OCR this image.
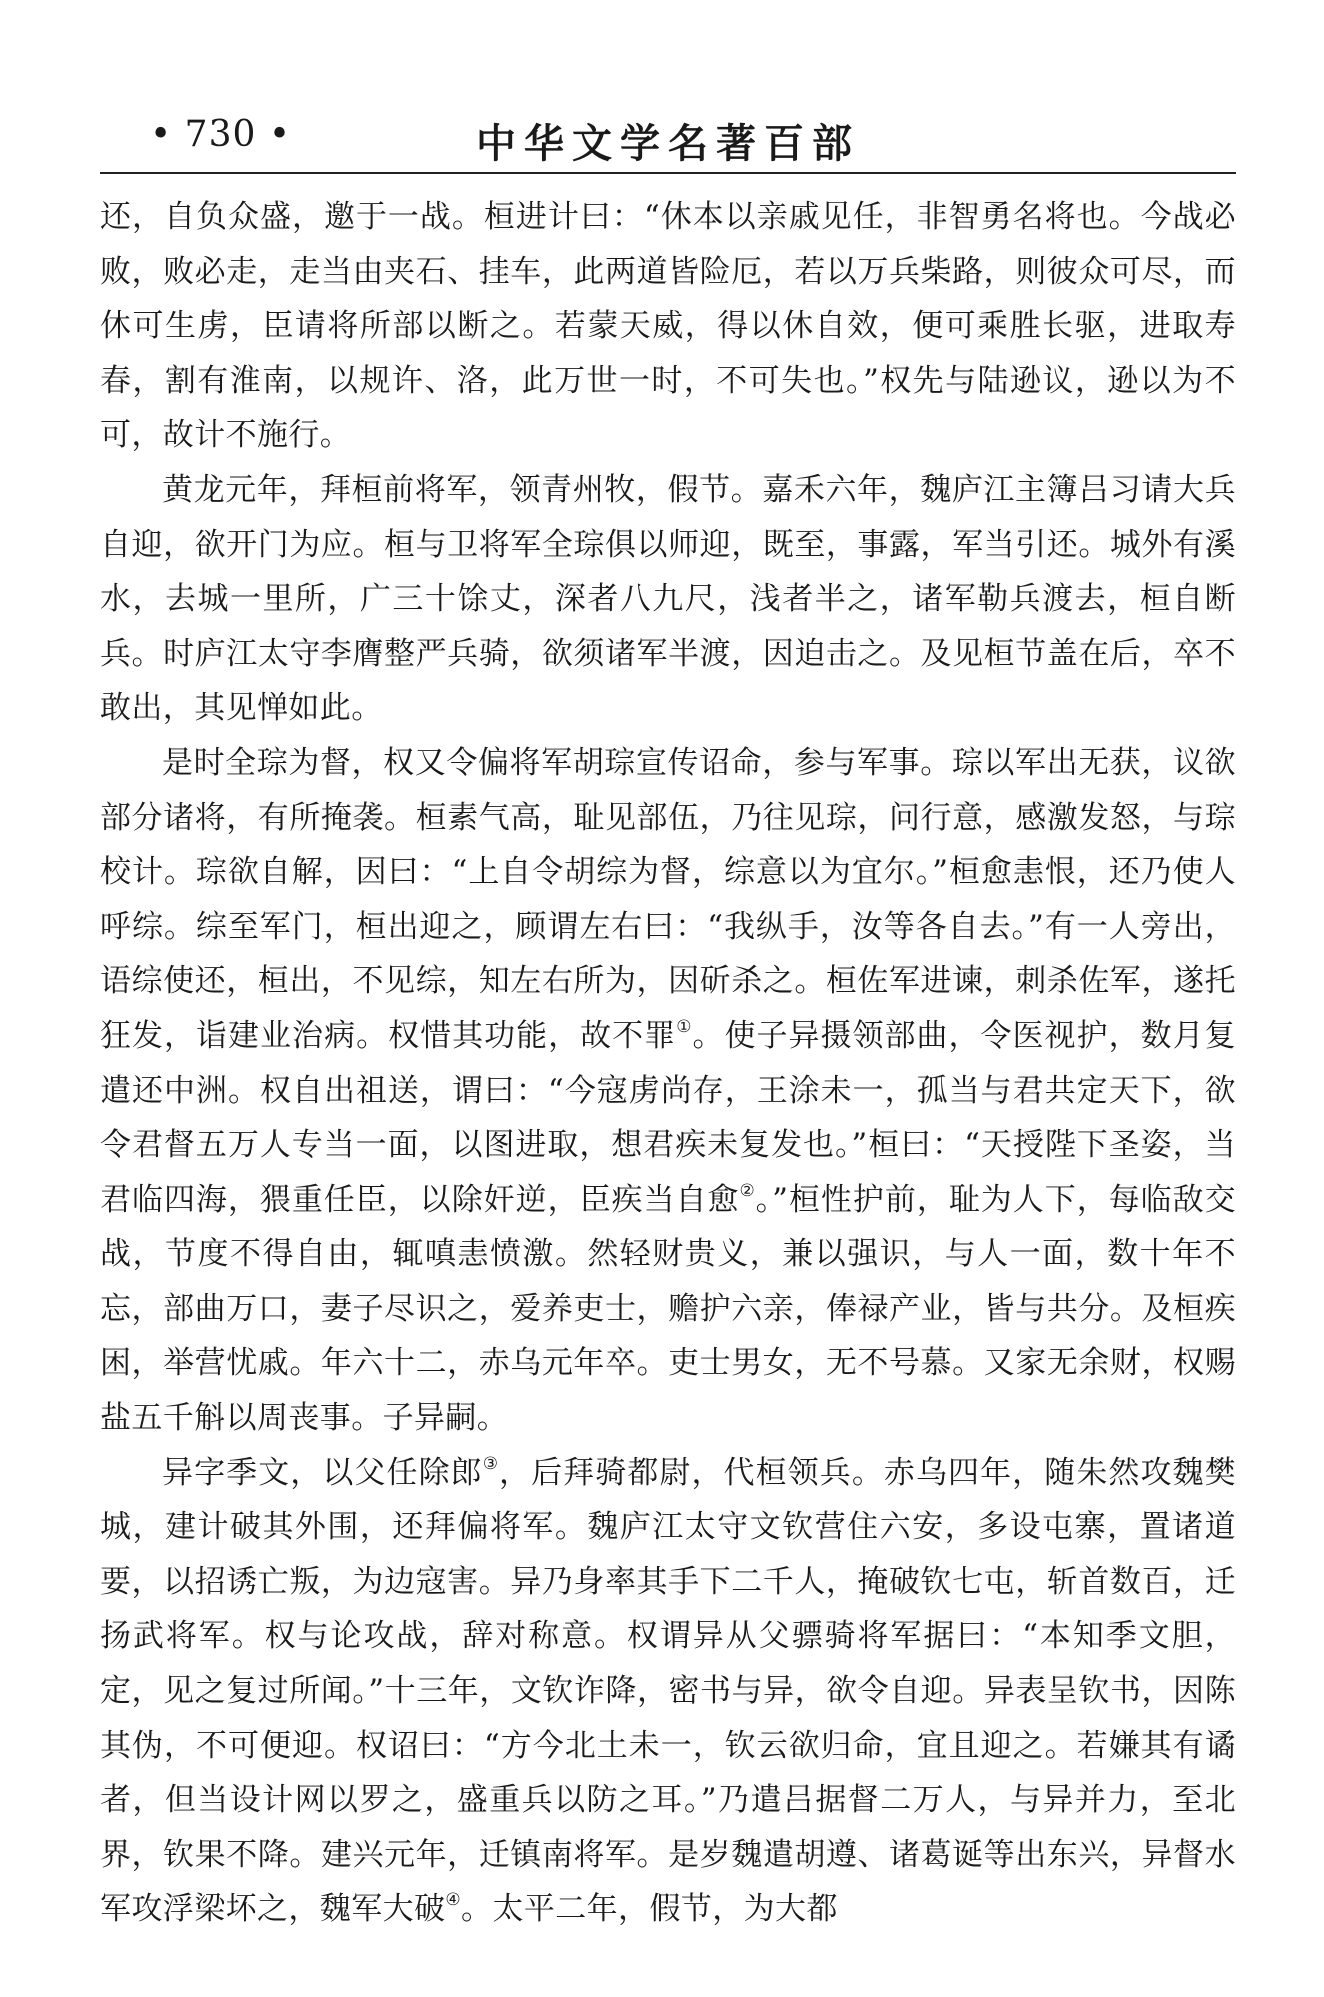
• 730 •	中华文学名著百部

还，自负众盛，邀于一战。桓进计曰：“休本以亲戚见任，非智勇名将也。今战必败，败必走，走当由夹石、挂车，此两道皆险厄，若以万兵柴路，则彼众可尽，而休可生虏，臣请将所部以断之。若蒙天威，得以休自效，便可乘胜长驱，进取寿春，割有淮南，以规许、洛，此万世一时，不可失也。”权先与陆逊议，逊以为不可，故计不施行。

黄龙元年，拜桓前将军，领青州牧，假节。嘉禾六年，魏庐江主簿吕习请大兵自迎，欲开门为应。桓与卫将军全琮俱以师迎，既至，事露，军当引还。城外有溪水，去城一里所，广三十馀丈，深者八九尺，浅者半之，诸军勒兵渡去，桓自断兵。时庐江太守李膺整严兵骑，欲须诸军半渡，因迫击之。及见桓节盖在后，卒不敢出，其见惮如此。

是时全琮为督，权又令偏将军胡琮宣传诏命，参与军事。琮以军出无获，议欲部分诸将，有所掩袭。桓素气高，耻见部伍，乃往见琮，问行意，感激发怒，与琮校计。琮欲自解，因曰：“上自令胡综为督，综意以为宜尔。”桓愈恚恨，还乃使人呼综。综至军门，桓出迎之，顾谓左右曰：“我纵手，汝等各自去。”有一人旁出，语综使还，桓出，不见综，知左右所为，因斫杀之。桓佐军进谏，刺杀佐军，遂托狂发，诣建业治病。权惜其功能，故不罪①。使子异摄领部曲，令医视护，数月复遣还中洲。权自出祖送，谓曰：“今寇虏尚存，王涂未一，孤当与君共定天下，欲令君督五万人专当一面，以图进取，想君疾未复发也。”桓曰：“天授陛下圣姿，当君临四海，猥重任臣，以除奸逆，臣疾当自愈②。”桓性护前，耻为人下，每临敌交战，节度不得自由，辄嗔恚愤激。然轻财贵义，兼以强识，与人一面，数十年不忘，部曲万口，妻子尽识之，爱养吏士，赡护六亲，俸禄产业，皆与共分。及桓疾困，举营忧戚。年六十二，赤乌元年卒。吏士男女，无不号慕。又家无余财，权赐盐五千斛以周丧事。子异嗣。

异字季文，以父任除郎③，后拜骑都尉，代桓领兵。赤乌四年，随朱然攻魏樊城，建计破其外围，还拜偏将军。魏庐江太守文钦营住六安，多设屯寨，置诸道要，以招诱亡叛，为边寇害。异乃身率其手下二千人，掩破钦七屯，斩首数百，迁扬武将军。权与论攻战，辞对称意。权谓异从父骠骑将军据曰：“本知季文胆，定，见之复过所闻。”十三年，文钦诈降，密书与异，欲令自迎。异表呈钦书，因陈其伪，不可便迎。权诏曰：“方今北土未一，钦云欲归命，宜且迎之。若嫌其有谲者，但当设计网以罗之，盛重兵以防之耳。”乃遣吕据督二万人，与异并力，至北界，钦果不降。建兴元年，迁镇南将军。是岁魏遣胡遵、诸葛诞等出东兴，异督水军攻浮梁坏之，魏军大破④。太平二年，假节，为大都
